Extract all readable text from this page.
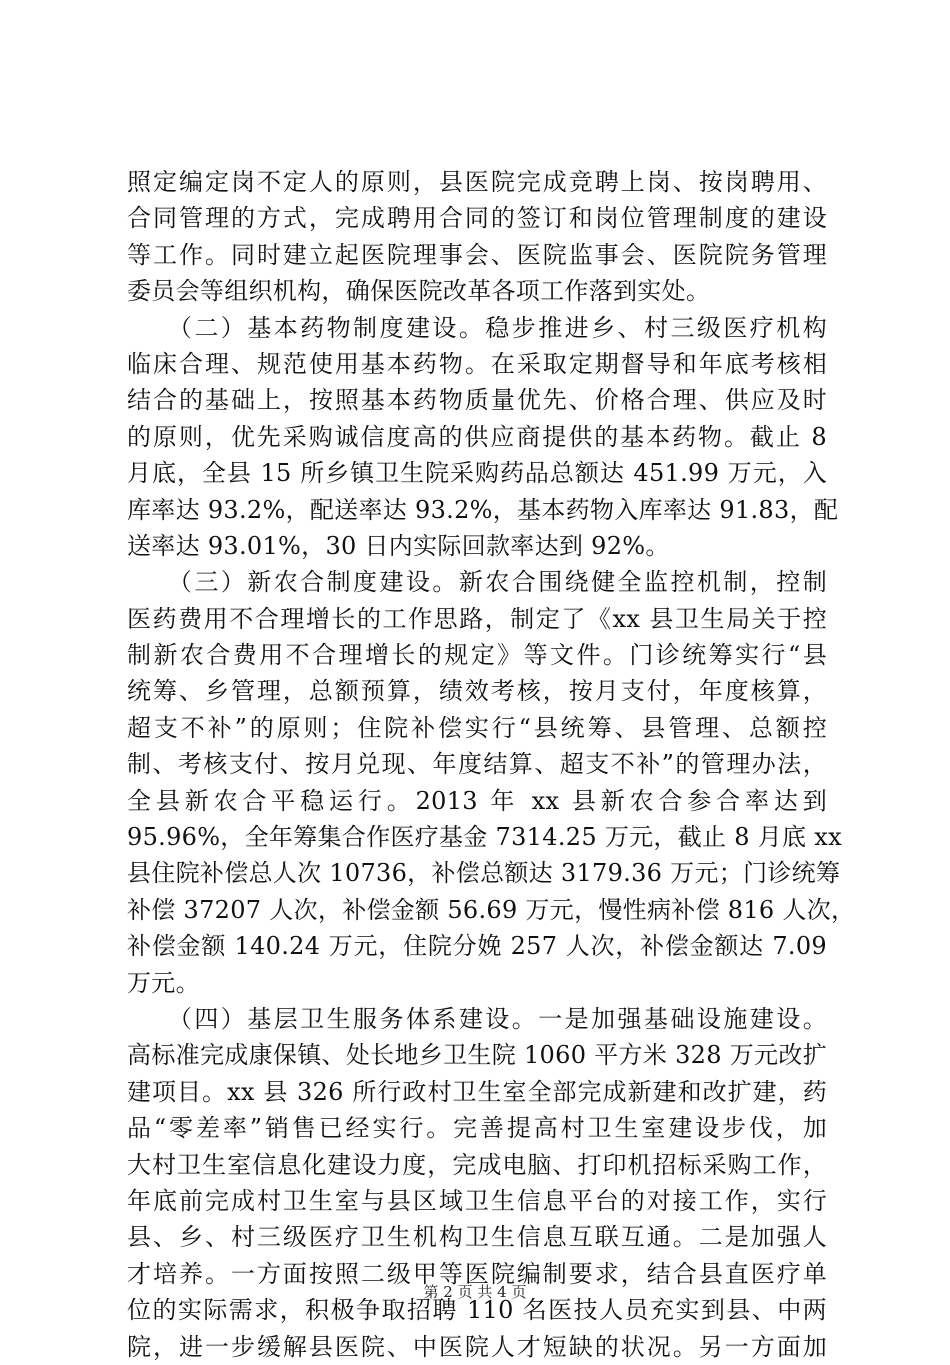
照定编定岗不定人的原则，县医院完成竞聘上岗、按岗聘用、
合同管理的方式，完成聘用合同的签订和岗位管理制度的建设
等工作。同时建立起医院理事会、医院监事会、医院院务管理
委员会等组织机构，确保医院改革各项工作落到实处。
　　（二）基本药物制度建设。稳步推进乡、村三级医疗机构
临床合理、规范使用基本药物。在采取定期督导和年底考核相
结合的基础上，按照基本药物质量优先、价格合理、供应及时
的原则，优先采购诚信度高的供应商提供的基本药物。截止 8
月底，全县 15 所乡镇卫生院采购药品总额达 451.99 万元，入
库率达 93.2%，配送率达 93.2%，基本药物入库率达 91.83，配
送率达 93.01%，30 日内实际回款率达到 92%。
　　（三）新农合制度建设。新农合围绕健全监控机制，控制
医药费用不合理增长的工作思路，制定了《xx 县卫生局关于控
制新农合费用不合理增长的规定》等文件。门诊统筹实行“县
统筹、乡管理，总额预算，绩效考核，按月支付，年度核算，
超支不补”的原则；住院补偿实行“县统筹、县管理、总额控
制、考核支付、按月兑现、年度结算、超支不补”的管理办法，
全县新农合平稳运行。2013 年 xx 县新农合参合率达到
95.96%，全年筹集合作医疗基金 7314.25 万元，截止 8 月底 xx
县住院补偿总人次 10736，补偿总额达 3179.36 万元；门诊统筹
补偿 37207 人次，补偿金额 56.69 万元，慢性病补偿 816 人次，
补偿金额 140.24 万元，住院分娩 257 人次，补偿金额达 7.09
万元。
　　（四）基层卫生服务体系建设。一是加强基础设施建设。
高标准完成康保镇、处长地乡卫生院 1060 平方米 328 万元改扩
建项目。xx 县 326 所行政村卫生室全部完成新建和改扩建，药
品“零差率”销售已经实行。完善提高村卫生室建设步伐，加
大村卫生室信息化建设力度，完成电脑、打印机招标采购工作，
年底前完成村卫生室与县区域卫生信息平台的对接工作，实行
县、乡、村三级医疗卫生机构卫生信息互联互通。二是加强人
才培养。一方面按照二级甲等医院编制要求，结合县直医疗单
位的实际需求，积极争取招聘 110 名医技人员充实到县、中两
院，进一步缓解县医院、中医院人才短缺的状况。另一方面加
第 2 页 共 4 页
